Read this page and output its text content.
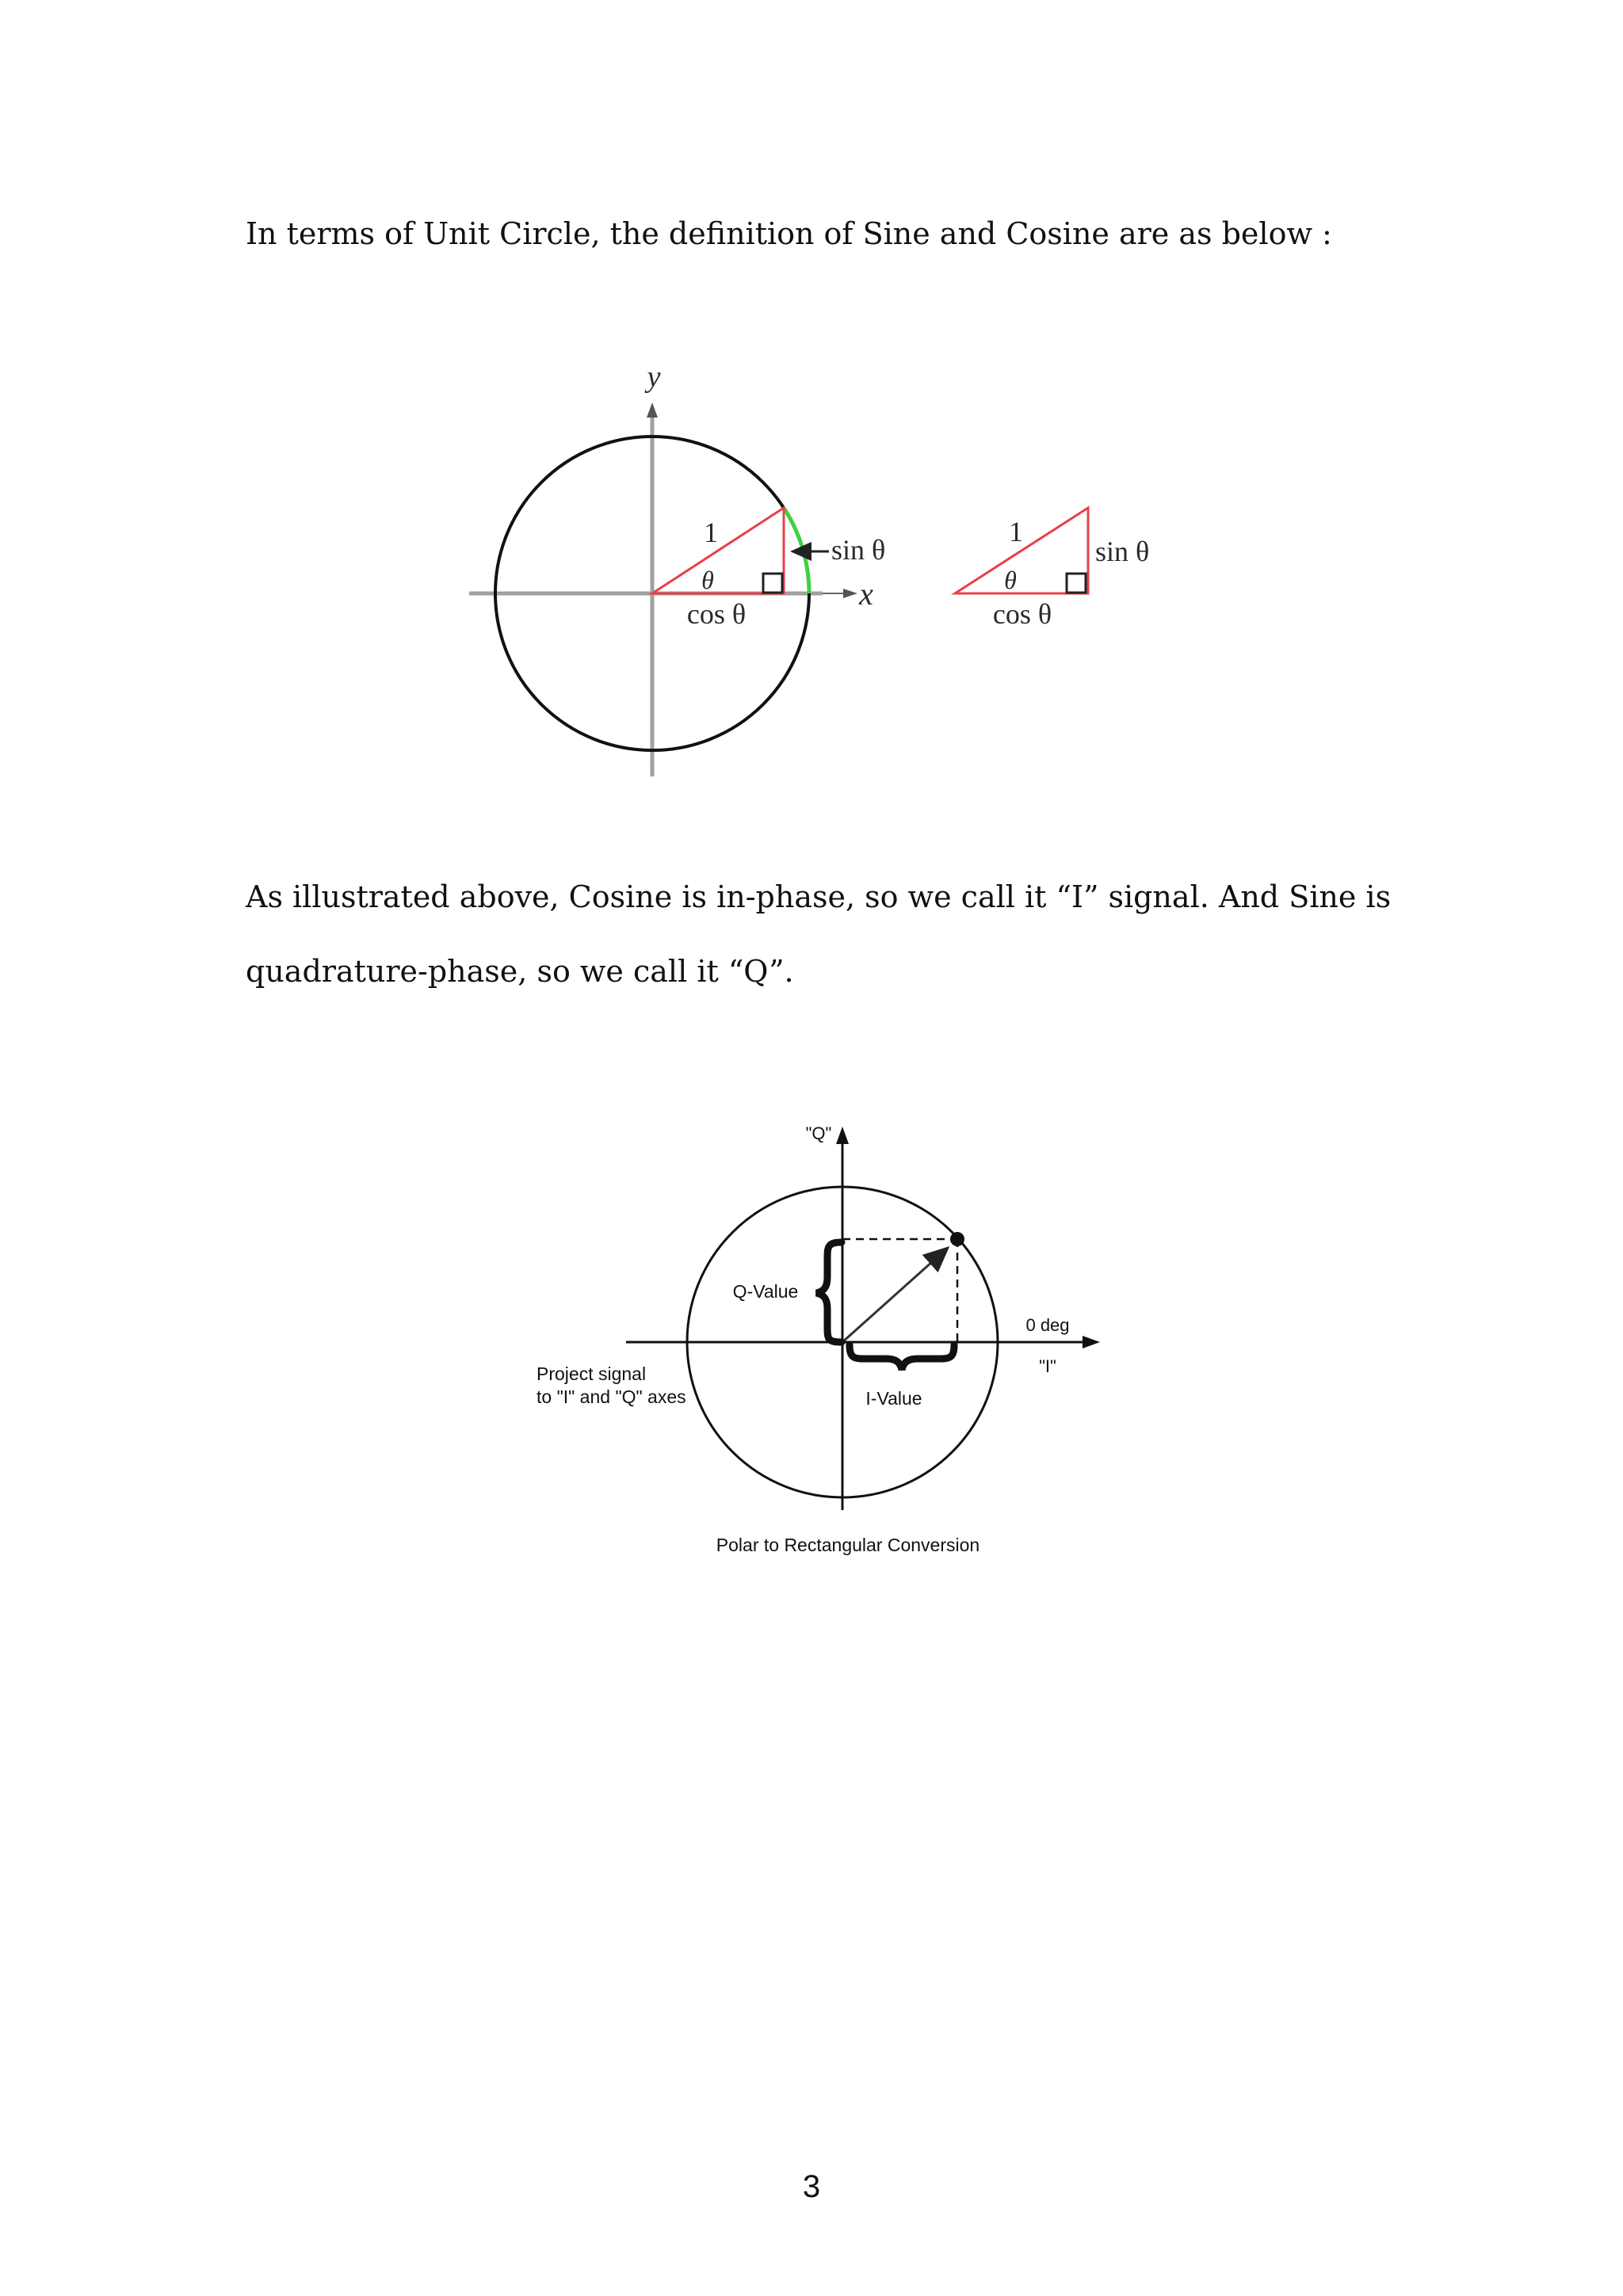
In terms of Unit Circle, the definition of Sine and Cosine are as below :

y
x
1
θ
cos θ
sin θ
1
θ
cos θ
sin θ

As illustrated above, Cosine is in-phase, so we call it “I” signal. And Sine is

quadrature-phase, so we call it “Q”.

"Q"
0 deg
"I"
Q-Value
I-Value
Project signal
to "I" and "Q" axes
Polar to Rectangular Conversion
3
